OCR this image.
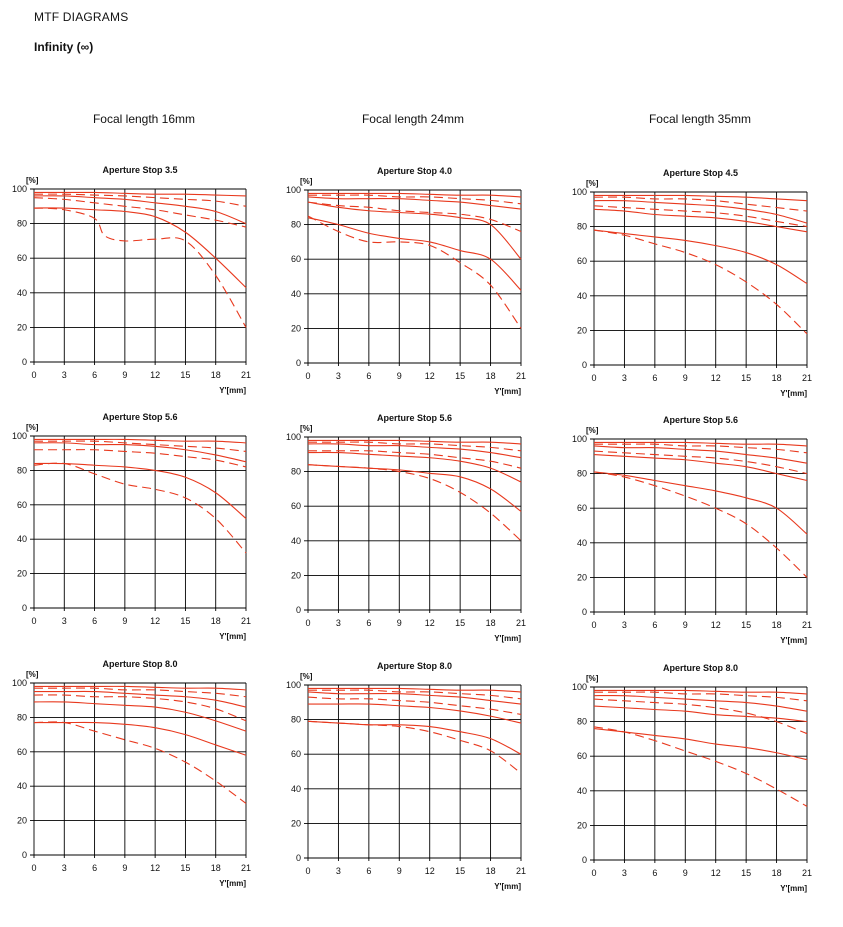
MTF DIAGRAMS
Infinity (∞)
Focal length 16mm	Focal length 24mm	Focal length 35mm
Aperture Stop 3.5
[%]
0
20
40
60
80
100
0	3	6	9	12 15 18 21
Y'[mm]
Aperture Stop 4.0
[%]
0
20
40
60
80
100
0	3	6	9	12 15 18 21
Y'[mm]
Aperture Stop 4.5
[%]
0
20
40
60
80
100
0	3	6	9	12 15 18 21
Y'[mm]
Aperture Stop 5.6
[%]
0
20
40
60
80
100
0	3	6	9	12 15 18 21
Y'[mm]
Aperture Stop 5.6
[%]
0
20
40
60
80
100
0	3	6	9	12 15 18 21
Y'[mm]
Aperture Stop 5.6
[%]
0
20
40
60
80
100
0	3	6	9	12 15 18 21
Y'[mm]
Aperture Stop 8.0
[%]
0
20
40
60
80
100
0	3	6	9	12 15 18 21
Y'[mm]
Aperture Stop 8.0
[%]
0
20
40
60
80
100
0	3	6	9	12 15 18 21
Y'[mm]
Aperture Stop 8.0
[%]
0
20
40
60
80
100
0	3	6	9	12 15 18 21
Y'[mm]
